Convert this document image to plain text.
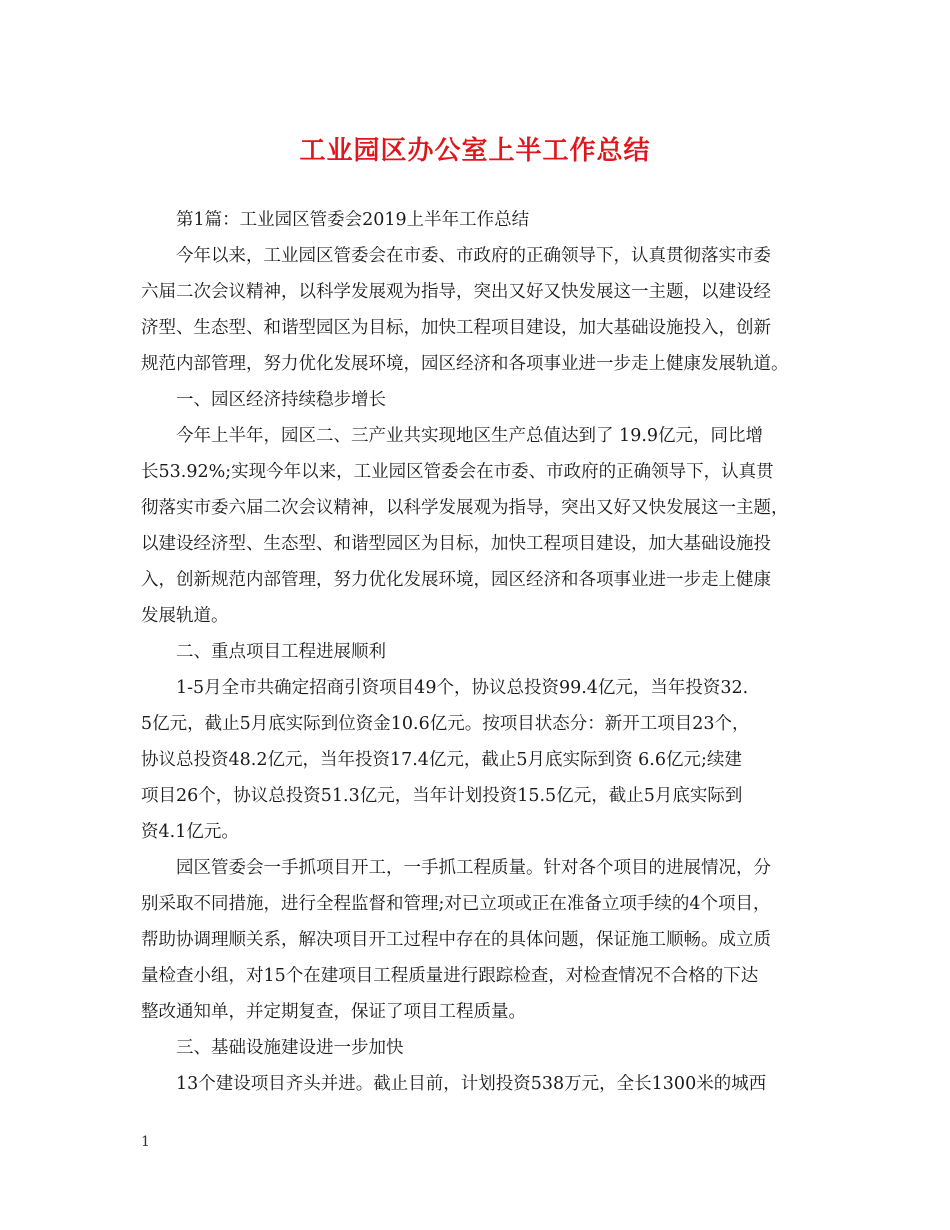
工业园区办公室上半工作总结
第1篇：工业园区管委会2019上半年工作总结
今年以来，工业园区管委会在市委、市政府的正确领导下，认真贯彻落实市委
六届二次会议精神，以科学发展观为指导，突出又好又快发展这一主题，以建设经
济型、生态型、和谐型园区为目标，加快工程项目建设，加大基础设施投入，创新
规范内部管理，努力优化发展环境，园区经济和各项事业进一步走上健康发展轨道。
一、园区经济持续稳步增长
今年上半年，园区二、三产业共实现地区生产总值达到了 19.9亿元，同比增
长53.92%;实现今年以来，工业园区管委会在市委、市政府的正确领导下，认真贯
彻落实市委六届二次会议精神，以科学发展观为指导，突出又好又快发展这一主题，
以建设经济型、生态型、和谐型园区为目标，加快工程项目建设，加大基础设施投
入，创新规范内部管理，努力优化发展环境，园区经济和各项事业进一步走上健康
发展轨道。
二、重点项目工程进展顺利
1-5月全市共确定招商引资项目49个，协议总投资99.4亿元，当年投资32.
5亿元，截止5月底实际到位资金10.6亿元。按项目状态分：新开工项目23个，
协议总投资48.2亿元，当年投资17.4亿元，截止5月底实际到资 6.6亿元;续建
项目26个，协议总投资51.3亿元，当年计划投资15.5亿元，截止5月底实际到
资4.1亿元。
园区管委会一手抓项目开工，一手抓工程质量。针对各个项目的进展情况，分
别采取不同措施，进行全程监督和管理;对已立项或正在准备立项手续的4个项目，
帮助协调理顺关系，解决项目开工过程中存在的具体问题，保证施工顺畅。成立质
量检查小组，对15个在建项目工程质量进行跟踪检查，对检查情况不合格的下达
整改通知单，并定期复查，保证了项目工程质量。
三、基础设施建设进一步加快
13个建设项目齐头并进。截止目前，计划投资538万元，全长1300米的城西
1
